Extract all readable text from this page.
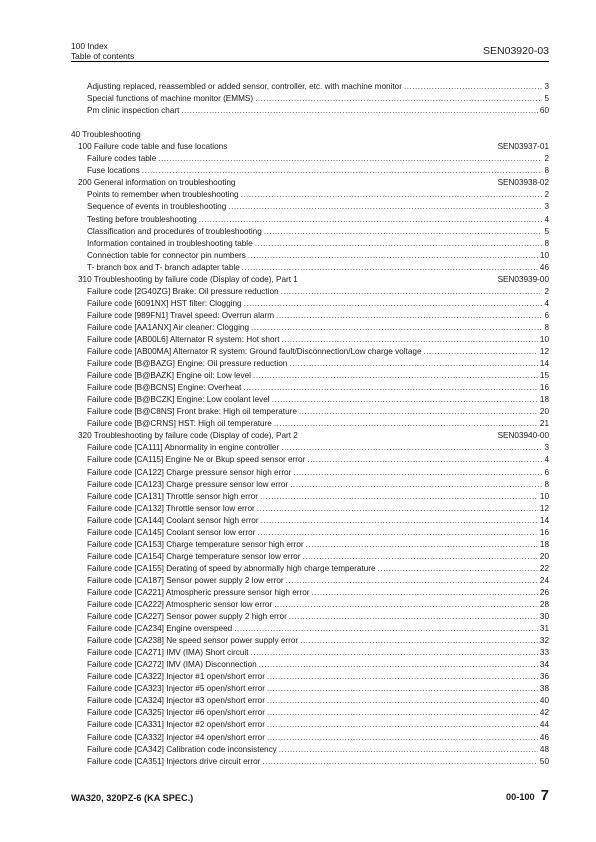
100 Index
Table of contents	SEN03920-03
Adjusting replaced, reassembled or added sensor, controller, etc. with machine monitor .....	3
Special functions of machine monitor (EMMS) .....	5
Pm clinic inspection chart .....	60
40 Troubleshooting
100 Failure code table and fuse locations	SEN03937-01
Failure codes table .....	2
Fuse locations .....	8
200 General information on troubleshooting	SEN03938-02
Points to remember when troubleshooting .....	2
Sequence of events in troubleshooting .....	3
Testing before troubleshooting .....	4
Classification and procedures of troubleshooting .....	5
Information contained in troubleshooting table .....	8
Connection table for connector pin numbers .....	10
T- branch box and T- branch adapter table .....	46
310 Troubleshooting by failure code (Display of code), Part 1	SEN03939-00
Failure code [2G40ZG] Brake: Oil pressure reduction .....	2
Failure code [6091NX] HST filter: Clogging .....	4
Failure code [989FN1] Travel speed: Overrun alarm .....	6
Failure code [AA1ANX] Air cleaner: Clogging .....	8
Failure code [AB00L6] Alternator R system: Hot short .....	10
Failure code [AB00MA] Alternator R system: Ground fault/Disconnection/Low charge voltage .....	12
Failure code [B@BAZG] Engine: Oil pressure reduction .....	14
Failure code [B@BAZK] Engine oil: Low level .....	15
Failure code [B@BCNS] Engine: Overheat .....	16
Failure code [B@BCZK] Engine: Low coolant level .....	18
Failure code [B@C8NS] Front brake: High oil temperature .....	20
Failure code [B@CRNS] HST: High oil temperature .....	21
320 Troubleshooting by failure code (Display of code), Part 2	SEN03940-00
Failure code [CA111] Abnormality in engine controller .....	3
Failure code [CA115] Engine Ne or Bkup speed sensor error .....	4
Failure code [CA122] Charge pressure sensor high error .....	6
Failure code [CA123] Charge pressure sensor low error .....	8
Failure code [CA131] Throttle sensor high error .....	10
Failure code [CA132] Throttle sensor low error .....	12
Failure code [CA144] Coolant sensor high error .....	14
Failure code [CA145] Coolant sensor low error .....	16
Failure code [CA153] Charge temperature sensor high error .....	18
Failure code [CA154] Charge temperature sensor low error .....	20
Failure code [CA155] Derating of speed by abnormally high charge temperature .....	22
Failure code [CA187] Sensor power supply 2 low error .....	24
Failure code [CA221] Atmospheric pressure sensor high error .....	26
Failure code [CA222] Atmospheric sensor low error .....	28
Failure code [CA227] Sensor power supply 2 high error .....	30
Failure code [CA234] Engine overspeed .....	31
Failure code [CA238] Ne speed sensor power supply error .....	32
Failure code [CA271] IMV (IMA) Short circuit .....	33
Failure code [CA272] IMV (IMA) Disconnection .....	34
Failure code [CA322] Injector #1 open/short error .....	36
Failure code [CA323] Injector #5 open/short error .....	38
Failure code [CA324] Injector #3 open/short error .....	40
Failure code [CA325] Injector #6 open/short error .....	42
Failure code [CA331] Injector #2 open/short error .....	44
Failure code [CA332] Injector #4 open/short error .....	46
Failure code [CA342] Calibration code inconsistency .....	48
Failure code [CA351] Injectors drive circuit error .....	50
WA320, 320PZ-6 (KA SPEC.)	00-100 7
